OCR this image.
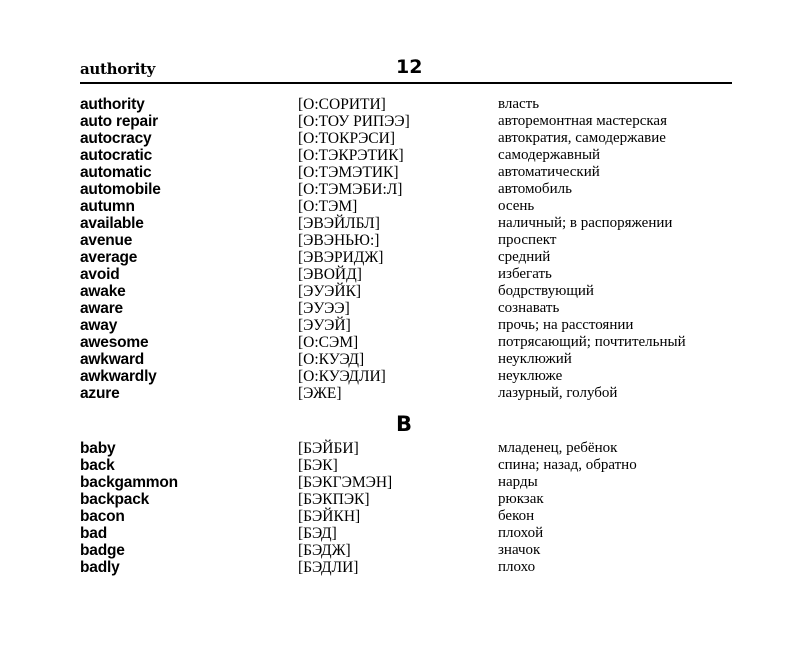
authority	12
authority	[O:СОРИТИ]	власть
auto repair	[O:ТОУ РИПЭЭ]	авторемонтная мастерская
autocracy	[O:ТОКРЭСИ]	автократия, самодержавие
autocratic	[O:ТЭКРЭТИК]	самодержавный
automatic	[O:ТЭМЭТИК]	автоматический
automobile	[O:ТЭМЭБИ:Л]	автомобиль
autumn	[O:ТЭМ]	осень
available	[ЭВЭЙЛБЛ]	наличный; в распоряжении
avenue	[ЭВЭНЬЮ:]	проспект
average	[ЭВЭРИДЖ]	средний
avoid	[ЭВОЙД]	избегать
awake	[ЭУЭЙК]	бодрствующий
aware	[ЭУЭЭ]	сознавать
away	[ЭУЭЙ]	прочь; на расстоянии
awesome	[O:СЭМ]	потрясающий; почтительный
awkward	[O:КУЭД]	неуклюжий
awkwardly	[O:КУЭДЛИ]	неуклюже
azure	[ЭЖЕ]	лазурный, голубой
B
baby	[БЭЙБИ]	младенец, ребёнок
back	[БЭК]	спина; назад, обратно
backgammon	[БЭКГЭМЭН]	нарды
backpack	[БЭКПЭК]	рюкзак
bacon	[БЭЙКН]	бекон
bad	[БЭД]	плохой
badge	[БЭДЖ]	значок
badly	[БЭДЛИ]	плохо
